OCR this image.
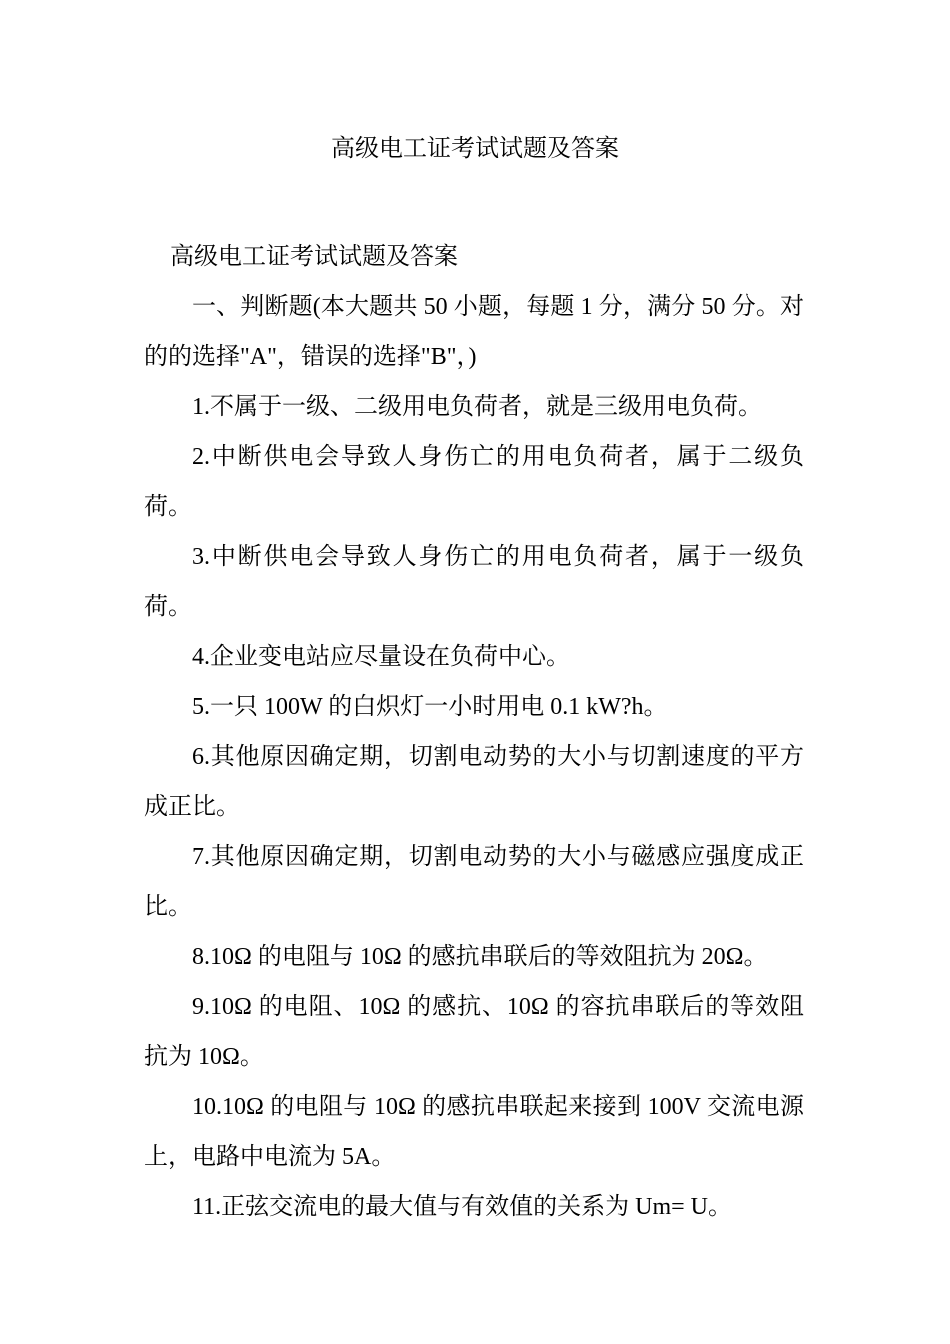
高级电工证考试试题及答案

高级电工证考试试题及答案

一、判断题(本大题共 50 小题，每题 1 分，满分 50 分。对的的选择"A"，错误的选择"B"，)

1.不属于一级、二级用电负荷者，就是三级用电负荷。

2.中断供电会导致人身伤亡的用电负荷者，属于二级负荷。

3.中断供电会导致人身伤亡的用电负荷者，属于一级负荷。

4.企业变电站应尽量设在负荷中心。

5.一只 100W 的白炽灯一小时用电 0.1 kW?h。

6.其他原因确定期，切割电动势的大小与切割速度的平方成正比。

7.其他原因确定期，切割电动势的大小与磁感应强度成正比。

8.10Ω 的电阻与 10Ω 的感抗串联后的等效阻抗为 20Ω。

9.10Ω 的电阻、10Ω 的感抗、10Ω 的容抗串联后的等效阻抗为 10Ω。

10.10Ω 的电阻与 10Ω 的感抗串联起来接到 100V 交流电源上，电路中电流为 5A。

11.正弦交流电的最大值与有效值的关系为 Um= U。
